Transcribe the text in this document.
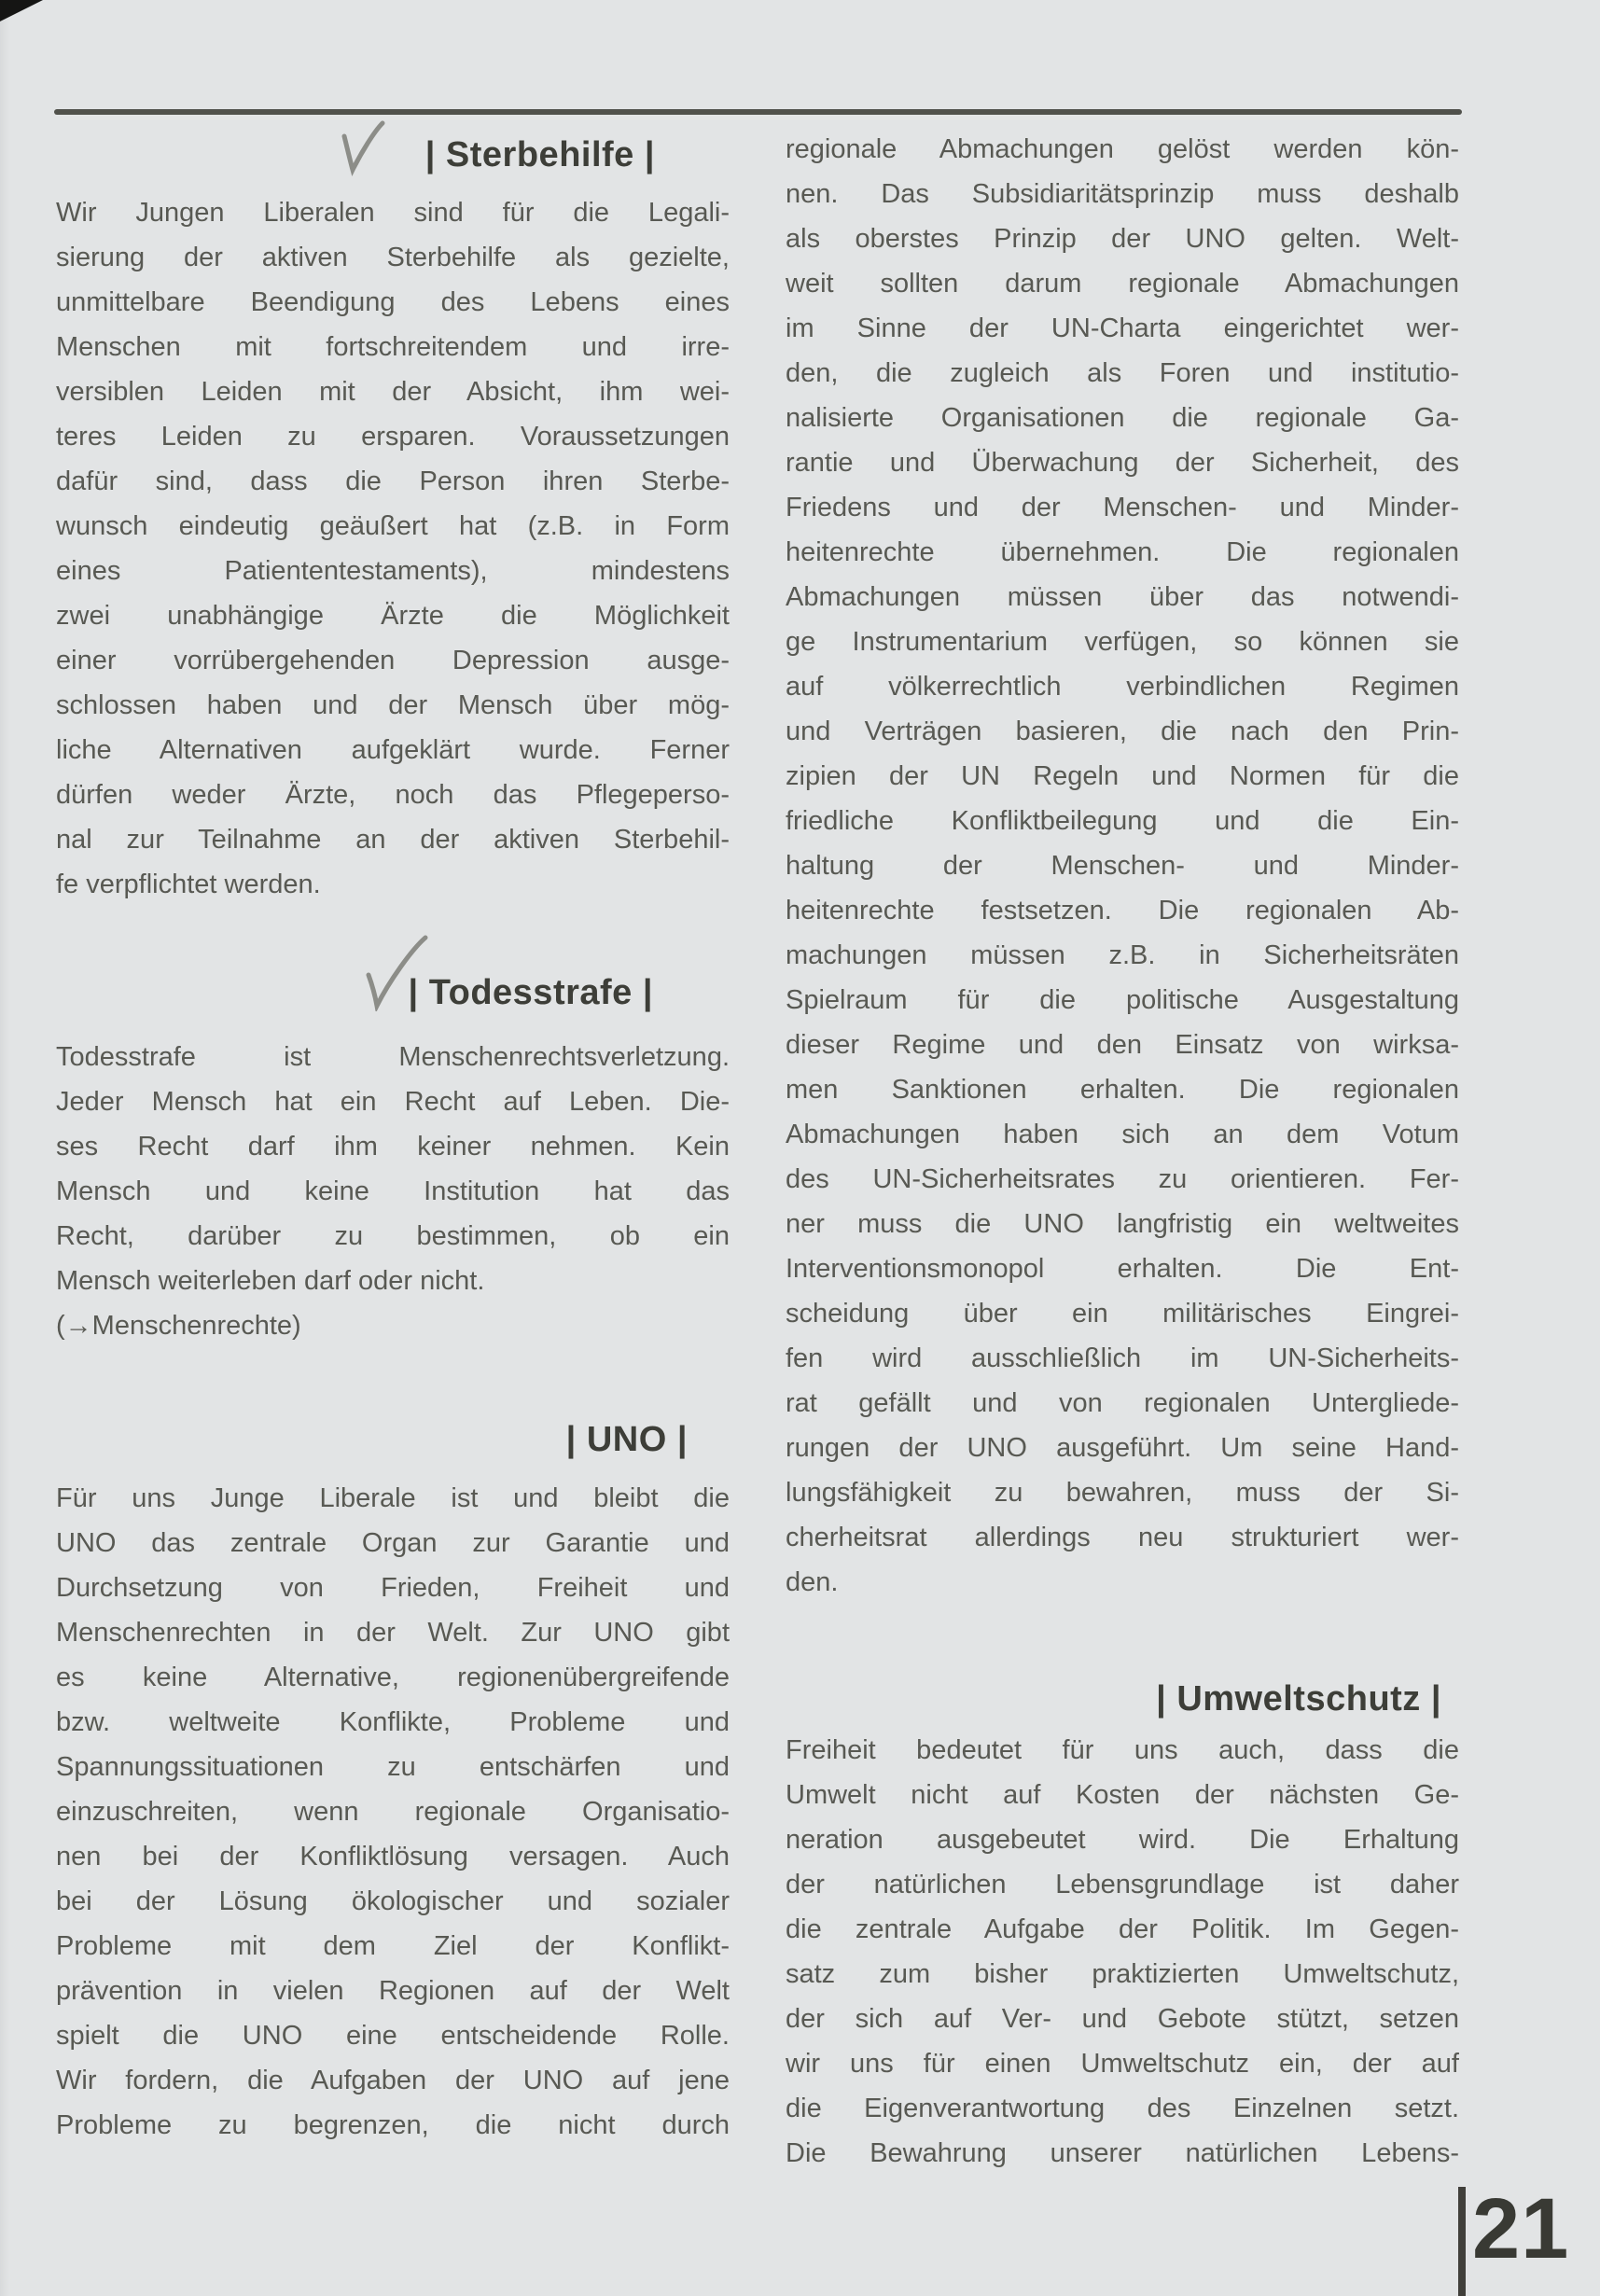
| Sterbehilfe |
Wir Jungen Liberalen sind für die Legali-
sierung der aktiven Sterbehilfe als gezielte,
unmittelbare Beendigung des Lebens eines
Menschen mit fortschreitendem und irre-
versiblen Leiden mit der Absicht, ihm wei-
teres Leiden zu ersparen. Voraussetzungen
dafür sind, dass die Person ihren Sterbe-
wunsch eindeutig geäußert hat (z.B. in Form
eines Patiententestaments), mindestens
zwei unabhängige Ärzte die Möglichkeit
einer vorrübergehenden Depression ausge-
schlossen haben und der Mensch über mög-
liche Alternativen aufgeklärt wurde. Ferner
dürfen weder Ärzte, noch das Pflegeperso-
nal zur Teilnahme an der aktiven Sterbehil-
fe verpflichtet werden.
| Todesstrafe |
Todesstrafe ist Menschenrechtsverletzung.
Jeder Mensch hat ein Recht auf Leben. Die-
ses Recht darf ihm keiner nehmen. Kein
Mensch und keine Institution hat das
Recht, darüber zu bestimmen, ob ein
Mensch weiterleben darf oder nicht.
(→Menschenrechte)
| UNO |
Für uns Junge Liberale ist und bleibt die
UNO das zentrale Organ zur Garantie und
Durchsetzung von Frieden, Freiheit und
Menschenrechten in der Welt. Zur UNO gibt
es keine Alternative, regionenübergreifende
bzw. weltweite Konflikte, Probleme und
Spannungssituationen zu entschärfen und
einzuschreiten, wenn regionale Organisatio-
nen bei der Konfliktlösung versagen. Auch
bei der Lösung ökologischer und sozialer
Probleme mit dem Ziel der Konflikt-
prävention in vielen Regionen auf der Welt
spielt die UNO eine entscheidende Rolle.
Wir fordern, die Aufgaben der UNO auf jene
Probleme zu begrenzen, die nicht durch
regionale Abmachungen gelöst werden kön-
nen. Das Subsidiaritätsprinzip muss deshalb
als oberstes Prinzip der UNO gelten. Welt-
weit sollten darum regionale Abmachungen
im Sinne der UN-Charta eingerichtet wer-
den, die zugleich als Foren und institutio-
nalisierte Organisationen die regionale Ga-
rantie und Überwachung der Sicherheit, des
Friedens und der Menschen- und Minder-
heitenrechte übernehmen. Die regionalen
Abmachungen müssen über das notwendi-
ge Instrumentarium verfügen, so können sie
auf völkerrechtlich verbindlichen Regimen
und Verträgen basieren, die nach den Prin-
zipien der UN Regeln und Normen für die
friedliche Konfliktbeilegung und die Ein-
haltung der Menschen- und Minder-
heitenrechte festsetzen. Die regionalen Ab-
machungen müssen z.B. in Sicherheitsräten
Spielraum für die politische Ausgestaltung
dieser Regime und den Einsatz von wirksa-
men Sanktionen erhalten. Die regionalen
Abmachungen haben sich an dem Votum
des UN-Sicherheitsrates zu orientieren. Fer-
ner muss die UNO langfristig ein weltweites
Interventionsmonopol erhalten. Die Ent-
scheidung über ein militärisches Eingrei-
fen wird ausschließlich im UN-Sicherheits-
rat gefällt und von regionalen Untergliede-
rungen der UNO ausgeführt. Um seine Hand-
lungsfähigkeit zu bewahren, muss der Si-
cherheitsrat allerdings neu strukturiert wer-
den.
| Umweltschutz |
Freiheit bedeutet für uns auch, dass die
Umwelt nicht auf Kosten der nächsten Ge-
neration ausgebeutet wird. Die Erhaltung
der natürlichen Lebensgrundlage ist daher
die zentrale Aufgabe der Politik. Im Gegen-
satz zum bisher praktizierten Umweltschutz,
der sich auf Ver- und Gebote stützt, setzen
wir uns für einen Umweltschutz ein, der auf
die Eigenverantwortung des Einzelnen setzt.
Die Bewahrung unserer natürlichen Lebens-
21
